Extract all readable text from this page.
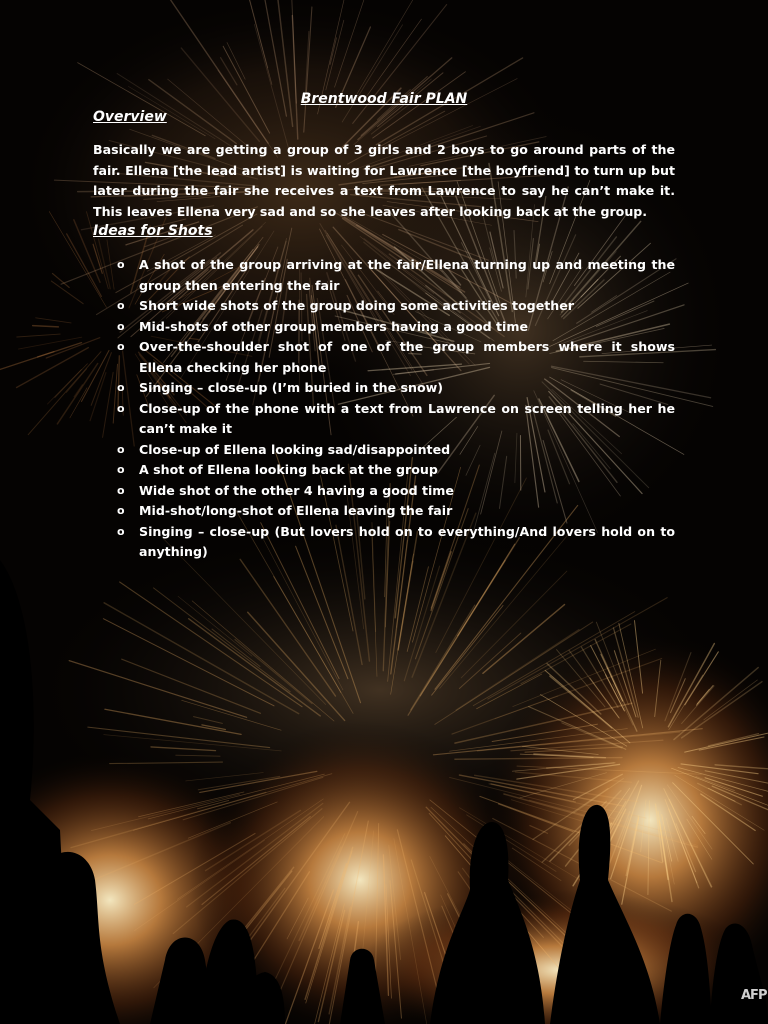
Brentwood Fair PLAN
Overview

Basically we are getting a group of 3 girls and 2 boys to go around parts of the fair. Ellena [the lead artist] is waiting for Lawrence [the boyfriend] to turn up but later during the fair she receives a text from Lawrence to say he can’t make it. This leaves Ellena very sad and so she leaves after looking back at the group.

Ideas for Shots
o A shot of the group arriving at the fair/Ellena turning up and meeting the group then entering the fair
o Short wide shots of the group doing some activities together
o Mid-shots of other group members having a good time
o Over-the-shoulder shot of one of the group members where it shows Ellena checking her phone
o Singing – close-up (I’m buried in the snow)
o Close-up of the phone with a text from Lawrence on screen telling her he can’t make it
o Close-up of Ellena looking sad/disappointed
o A shot of Ellena looking back at the group
o Wide shot of the other 4 having a good time
o Mid-shot/long-shot of Ellena leaving the fair
o Singing – close-up (But lovers hold on to everything/And lovers hold on to anything)
AFP
